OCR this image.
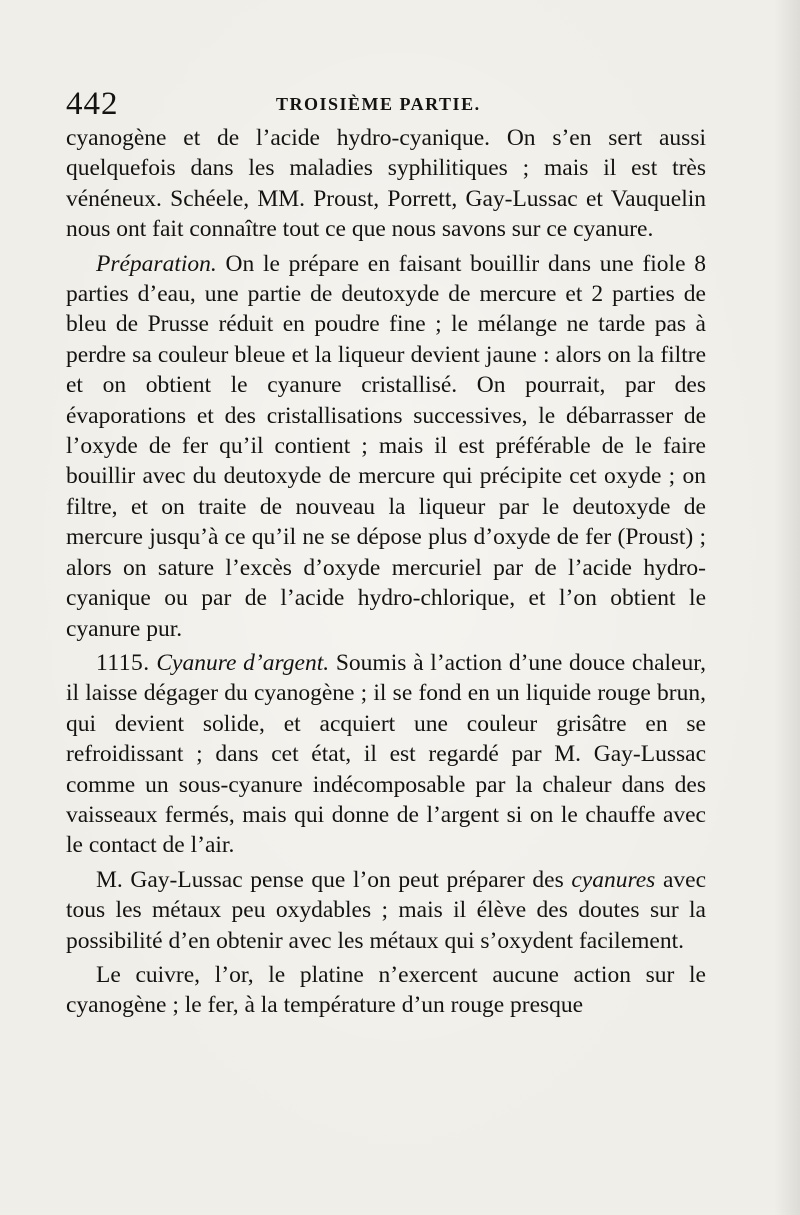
442	TROISIÈME PARTIE.

cyanogène et de l’acide hydro-cyanique. On s’en sert aussi quelquefois dans les maladies syphilitiques ; mais il est très vénéneux. Schéele, MM. Proust, Porrett, Gay-Lussac et Vauquelin nous ont fait connaître tout ce que nous savons sur ce cyanure.

Préparation. On le prépare en faisant bouillir dans une fiole 8 parties d’eau, une partie de deutoxyde de mercure et 2 parties de bleu de Prusse réduit en poudre fine ; le mélange ne tarde pas à perdre sa couleur bleue et la liqueur devient jaune : alors on la filtre et on obtient le cyanure cristallisé. On pourrait, par des évaporations et des cristallisations successives, le débarrasser de l’oxyde de fer qu’il contient ; mais il est préférable de le faire bouillir avec du deutoxyde de mercure qui précipite cet oxyde ; on filtre, et on traite de nouveau la liqueur par le deutoxyde de mercure jusqu’à ce qu’il ne se dépose plus d’oxyde de fer (Proust) ; alors on sature l’excès d’oxyde mercuriel par de l’acide hydro-cyanique ou par de l’acide hydro-chlorique, et l’on obtient le cyanure pur.

1115. Cyanure d’argent. Soumis à l’action d’une douce chaleur, il laisse dégager du cyanogène ; il se fond en un liquide rouge brun, qui devient solide, et acquiert une couleur grisâtre en se refroidissant ; dans cet état, il est regardé par M. Gay-Lussac comme un sous-cyanure indécomposable par la chaleur dans des vaisseaux fermés, mais qui donne de l’argent si on le chauffe avec le contact de l’air.

M. Gay-Lussac pense que l’on peut préparer des cyanures avec tous les métaux peu oxydables ; mais il élève des doutes sur la possibilité d’en obtenir avec les métaux qui s’oxydent facilement.

Le cuivre, l’or, le platine n’exercent aucune action sur le cyanogène ; le fer, à la température d’un rouge presque
